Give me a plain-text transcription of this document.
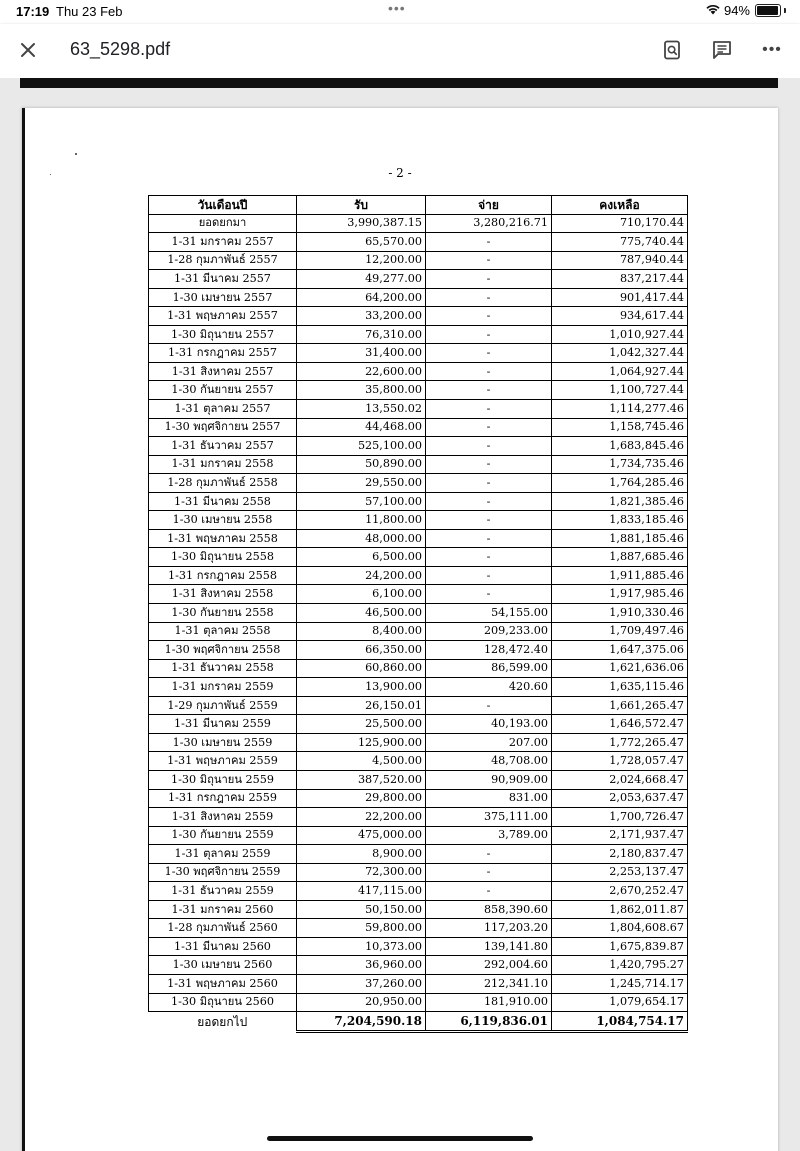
17:19 Thu 23 Feb	•••	94%
63_5298.pdf	•••
- 2 -
วันเดือนปี	รับ	จ่าย	คงเหลือ
ยอดยกมา	3,990,387.15	3,280,216.71	710,170.44
1-31 มกราคม 2557	65,570.00	-	775,740.44
1-28 กุมภาพันธ์ 2557	12,200.00	-	787,940.44
1-31 มีนาคม 2557	49,277.00	-	837,217.44
1-30 เมษายน 2557	64,200.00	-	901,417.44
1-31 พฤษภาคม 2557	33,200.00	-	934,617.44
1-30 มิถุนายน 2557	76,310.00	-	1,010,927.44
1-31 กรกฎาคม 2557	31,400.00	-	1,042,327.44
1-31 สิงหาคม 2557	22,600.00	-	1,064,927.44
1-30 กันยายน 2557	35,800.00	-	1,100,727.44
1-31 ตุลาคม 2557	13,550.02	-	1,114,277.46
1-30 พฤศจิกายน 2557	44,468.00	-	1,158,745.46
1-31 ธันวาคม 2557	525,100.00	-	1,683,845.46
1-31 มกราคม 2558	50,890.00	-	1,734,735.46
1-28 กุมภาพันธ์ 2558	29,550.00	-	1,764,285.46
1-31 มีนาคม 2558	57,100.00	-	1,821,385.46
1-30 เมษายน 2558	11,800.00	-	1,833,185.46
1-31 พฤษภาคม 2558	48,000.00	-	1,881,185.46
1-30 มิถุนายน 2558	6,500.00	-	1,887,685.46
1-31 กรกฎาคม 2558	24,200.00	-	1,911,885.46
1-31 สิงหาคม 2558	6,100.00	-	1,917,985.46
1-30 กันยายน 2558	46,500.00	54,155.00	1,910,330.46
1-31 ตุลาคม 2558	8,400.00	209,233.00	1,709,497.46
1-30 พฤศจิกายน 2558	66,350.00	128,472.40	1,647,375.06
1-31 ธันวาคม 2558	60,860.00	86,599.00	1,621,636.06
1-31 มกราคม 2559	13,900.00	420.60	1,635,115.46
1-29 กุมภาพันธ์ 2559	26,150.01	-	1,661,265.47
1-31 มีนาคม 2559	25,500.00	40,193.00	1,646,572.47
1-30 เมษายน 2559	125,900.00	207.00	1,772,265.47
1-31 พฤษภาคม 2559	4,500.00	48,708.00	1,728,057.47
1-30 มิถุนายน 2559	387,520.00	90,909.00	2,024,668.47
1-31 กรกฎาคม 2559	29,800.00	831.00	2,053,637.47
1-31 สิงหาคม 2559	22,200.00	375,111.00	1,700,726.47
1-30 กันยายน 2559	475,000.00	3,789.00	2,171,937.47
1-31 ตุลาคม 2559	8,900.00	-	2,180,837.47
1-30 พฤศจิกายน 2559	72,300.00	-	2,253,137.47
1-31 ธันวาคม 2559	417,115.00	-	2,670,252.47
1-31 มกราคม 2560	50,150.00	858,390.60	1,862,011.87
1-28 กุมภาพันธ์ 2560	59,800.00	117,203.20	1,804,608.67
1-31 มีนาคม 2560	10,373.00	139,141.80	1,675,839.87
1-30 เมษายน 2560	36,960.00	292,004.60	1,420,795.27
1-31 พฤษภาคม 2560	37,260.00	212,341.10	1,245,714.17
1-30 มิถุนายน 2560	20,950.00	181,910.00	1,079,654.17
ยอดยกไป	7,204,590.18	6,119,836.01	1,084,754.17
